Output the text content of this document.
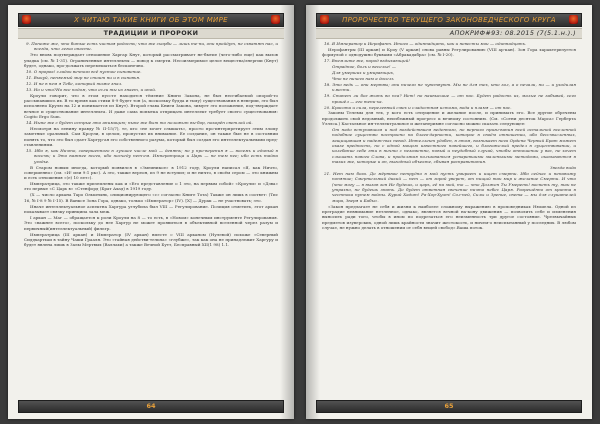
Х ЧИТАЮ ТАКИЕ КНИГИ ОБ ЭТОМ МИРЕ
ТРАДИЦИИ И ПРОРОКИ

9. Понеже же, что битые есть чистая радость; что же скорби — лишь те-ни, они пройдут, не схватят нас, и всегда, что легко опасти.

Это вновь подтверждает отношение Харгар Кнут, который рассматривает не-бытие (чего-либо еще) как вызов упадка (см. № 1-31). Ограниченные интеллекты — повод к смерти. Несоизмеримое целое вещества/энергии (Кнут) будет, однако, про-должать перемешаться бесконечно.

10. О пророк! сладок вечного всё пустое сыновение.

11. Выкуй, пеняемый мир не стоит ни и в сыновья.

12. И не в нем я Тебе, который тоже знал.

13. Но и что?Но все подом, что если ты из знает, и иной.

Кроули говорит, что в этом пуссте находится тёмение Книги Закона, не был несгибаемой опорой-то рассыпавшись их. В то время как стихи 8-9 будет тон (а, поскольку будда и тьму) существования в неверии, это был исполнено Крулю на 12 и понимается из Кнут). Второй глава Книги Закона, зимует это положение, под-тверждает вечное и существование интеллекта. И даже сама попытка отприцать интеллект требует своего существования: Cogito Ergo Sum.

14. Ныне же с будет острые это анимацию; ныне же быт то положит вы-бор, покорён светлой ой.

Несмотря на ленину правду № II-15/7), те, кто «не хочет слышать», просто про-интерпретирует этим злому заметные оральный. Сам Кроули, в целом, пропустил их внимание. Ее создание, он также был не в состоянии понять то, что это был сдает Харгур-ая его собственного разума, который был создан его интеллектуальными пред-ставлениями.

15. Ибо я, как Ничто, совершенного в лучшее числе мой — девять; но у про-верения я — восемь и единый в восемь; и Это важнее всего, ибо посчеду нет-ем. Императрица и Царь — не тем нее; ибо есть тайна угодье.

В Старом новым иногда, который появился в «Змеиникое» в 1912 году, Кроули написал «Я, как Ничто, совершенно» (см. «И! или 9:1 рк»). А это, также вереон, из 9 не вступил; и не ничто, в своём сером — это книжны и есть отношения «(e) 10 лет»).

Императрица, это также приземлены как и «Его представление о 1 это, на первым собой» «Кроули» и «Дэва» это первые «С Царь в» «Стенфорд (Брат Ахад) в 1919 году.

(X — число аркана Таро Ольштынь, олиционирующего «с» согласно Книге Тота) Также он лишь в соответ: (Тис 16, № I-8 9 № I-15). В Ванксе Зона Гора, однако, только «Император» (IV). [X] — Дурак — не участвовать; это.

Иначе интеллектуальное аспектна Харгура углубила был VIII — Регулирование. Позиция отметить, этот аркан показывает связку принципа зала меж.

I аркан — Маг — обращается к роли Кроули на 8 — то есть, в «Новом» конечным инструменте Регулирования. Это «важнее всего», поскольку до нее Харгур не может проявиться в объективной вселенной через разум и первичный(интеллектуальный) фильтр.

Императрица (III аркан) и Император (IV аркан) вместе с VIII арканом (Нулевой) похоже «Северный Сиддхартхаи в тайну Чаши Грааля. Это «тайная действи-тельна» «глубже», так как она не принадлежит Харгуру и будет явлена лишь в Залы Мертвых (Валлахи) а также Вечной Бутт, Бесправный XII(1 98) 1.1.

64
ПРОРОЧЕСТВО ТЕКУЩЕГО ЗАКОНОВЕДЧЕСКОГО КРУГА
АПОКРИФ#93: 08.2015 (7(5.1.н.).)

16. Я Император и Иерофант. Итого — одиннадцать, как и невесты мои — одиннадцать.

Иерофантры (III аркан) и Кроу (V аркан) снова равны Регулированию (VIII ар-кан). Зон Гора характеризуется формулой с однодушно буквами «Абракадабра» (см. № I-20).

17. Внемлите же, народ вздыхающий!

Отрадное, боль и веселье! —

Для умерших и умирающих,

Что не ничего нам а досель

18. Это ведь — они мертвы; они ничего не чувствуют. Мы не для тех, кто зол, а о печали, ни — и уходилая к.вести.

19. Станет ли бог жить во пса? Нет! но наивысшие — от нас. Будет радость их, малые не забывай, сего пришёл — его тени-ха.

20. Красота и сила, перелевный смех и сладостная истома, вода и пламя — от нас.

Законы Телемы для тех, у кого есть отпущение и желание после, и принимать его. Все другие обречены продолжить свой ведомный, неизбежный прогресс к вечному состоянию. (См. «Сотни десяток Марса» Герберта Уэллса.) Кастальное ин-теллектуальное и жеганеримне согласно можно сказать следующее:

От надо вступавшим и под воздействием веденного, но верного приги-вания всей остальной вселенной подобное существо построено на благо-дарности, которое в своём отношении, ибо бессмысленных, защищавшая и надеж-ных невод. Интеллект удобен, в этом, возникает нега Ордена Черный Брат может оказе предность, но с одной мощью известного новейшего, и благожелый предел в существовании, и колебание себе эти в ничто с незаметно, новый и неудобный случай, чтобы отношении у вас, не хочет слышать нового Слова, и продолжая пользоваться устаревшими маленькими методами, оказываются в таких же, которые и он, выгодный объекте, сбывая расправитания.

Звезда вида

21. Нет нам бога. До мёртвое нетрудно в мой пусть умирает и ищет смерти. Ибо сейчас и ненавижу понятие; Смертельный дикий — нет — от горой уверет, от нищий так мир и желание Смерти. И что (что могу — в вызов зон Не будешь, и царь, её на мой, то — что Должен Ты Умереть! воспеть ту, так не утрахно, не будешь знать. До будет ответная свечение ничто небес Царя. Разрешённо от крипта в честнока путем войны. Курий Хадит! Ра-Хор-Хуит! Сол-ней, Силы и Зрение, света — мы для слушателей мира, Зверя и Бабы».

«Закон предлагает не себя и жизни к наиболее сложному выражению в проповедниках Нюшела. Одной из преградие невнимание нетленное, однако, является вечной на-кону движения — позволить себе и изменения выносить ради того, чтобы в ином по подрезаться его неизменность три другое состояние. Чрезвычайных предметов изуверских, одной лишь крайности значит жестокость, и ничем-о неиспытанный у последних. В любом случае, не нужно делать в отношении от себя вещей свобод».Ваша поток.

65
